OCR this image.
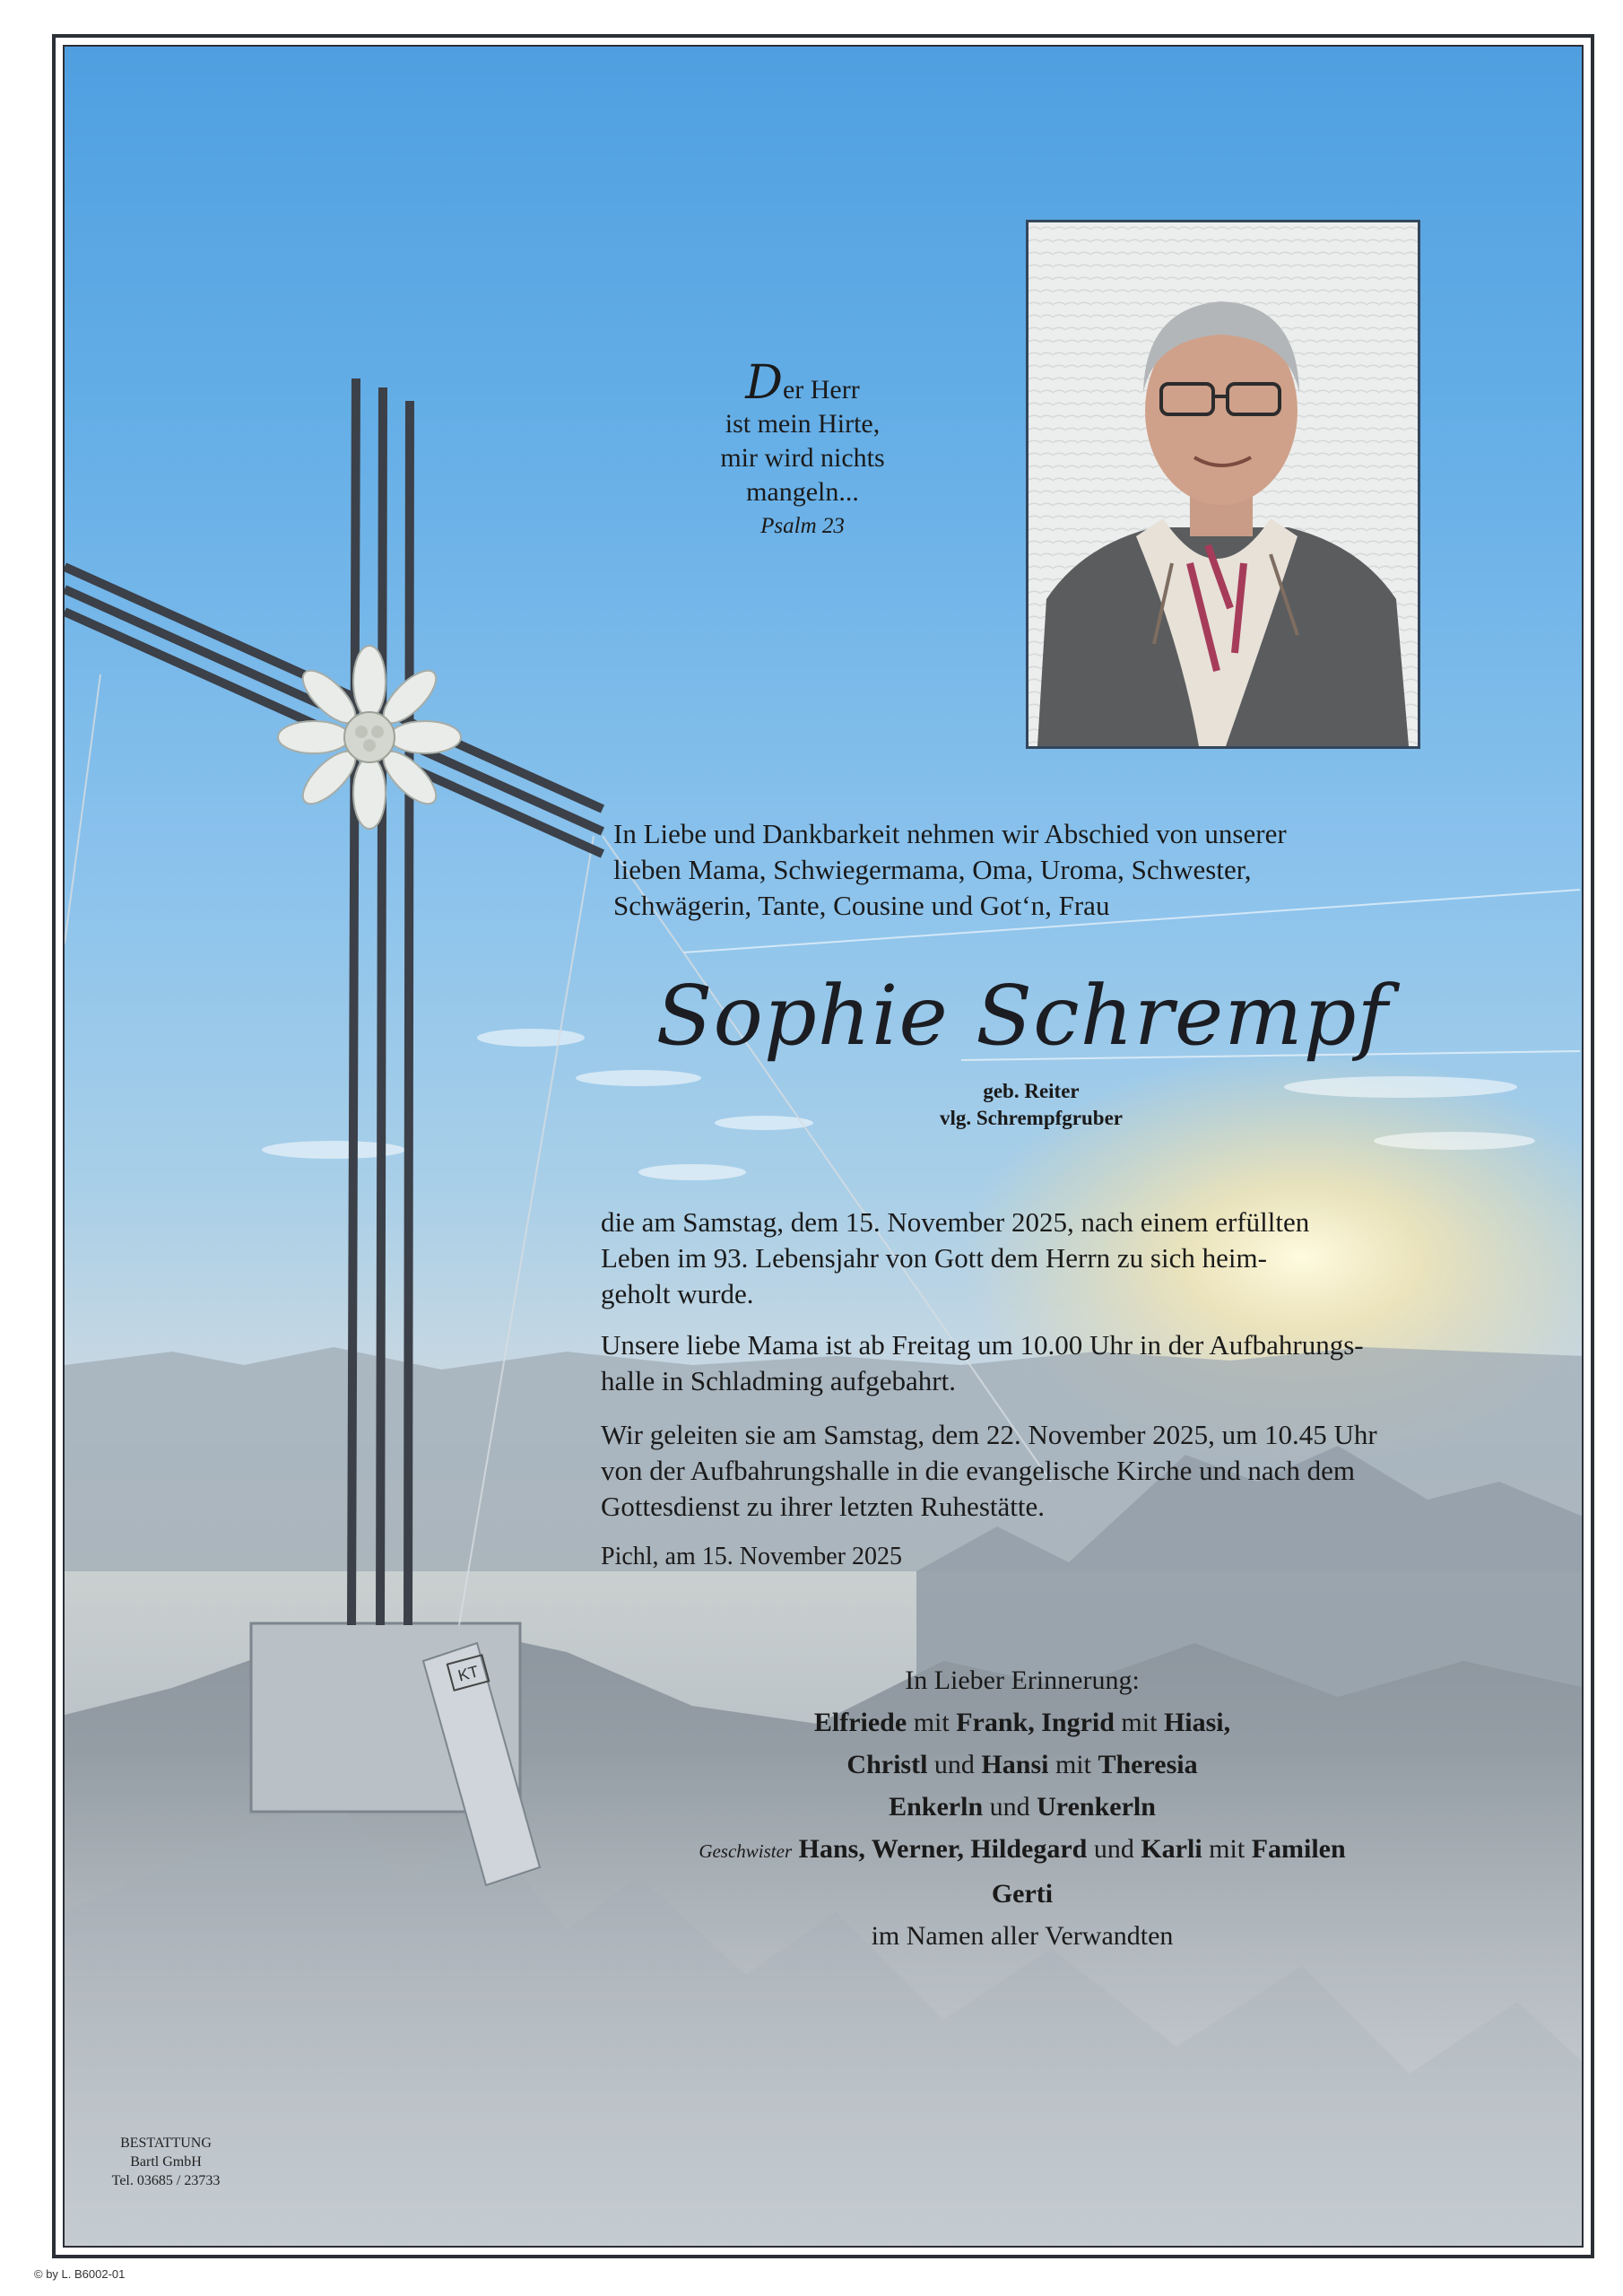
KT
Der Herr
ist mein Hirte,
mir wird nichts
mangeln...
Psalm 23
In Liebe und Dankbarkeit nehmen wir Abschied von unserer
lieben Mama, Schwiegermama, Oma, Uroma, Schwester,
Schwägerin, Tante, Cousine und Got‘n, Frau
Sophie Schrempf
geb. Reiter
vlg. Schrempfgruber
die am Samstag, dem 15. November 2025, nach einem erfüllten
Leben im 93. Lebensjahr von Gott dem Herrn zu sich heim-
geholt wurde.
Unsere liebe Mama ist ab Freitag um 10.00 Uhr in der Aufbahrungs-
halle in Schladming aufgebahrt.
Wir geleiten sie am Samstag, dem 22. November 2025, um 10.45 Uhr
von der Aufbahrungshalle in die evangelische Kirche und nach dem
Gottesdienst zu ihrer letzten Ruhestätte.
Pichl, am 15. November 2025
In Lieber Erinnerung:
Elfriede mit Frank, Ingrid mit Hiasi,
Christl und Hansi mit Theresia
Enkerln und Urenkerln
Geschwister Hans, Werner, Hildegard und Karli mit Familen
Gerti
im Namen aller Verwandten
BESTATTUNG
Bartl GmbH
Tel. 03685 / 23733
© by L. B6002-01
